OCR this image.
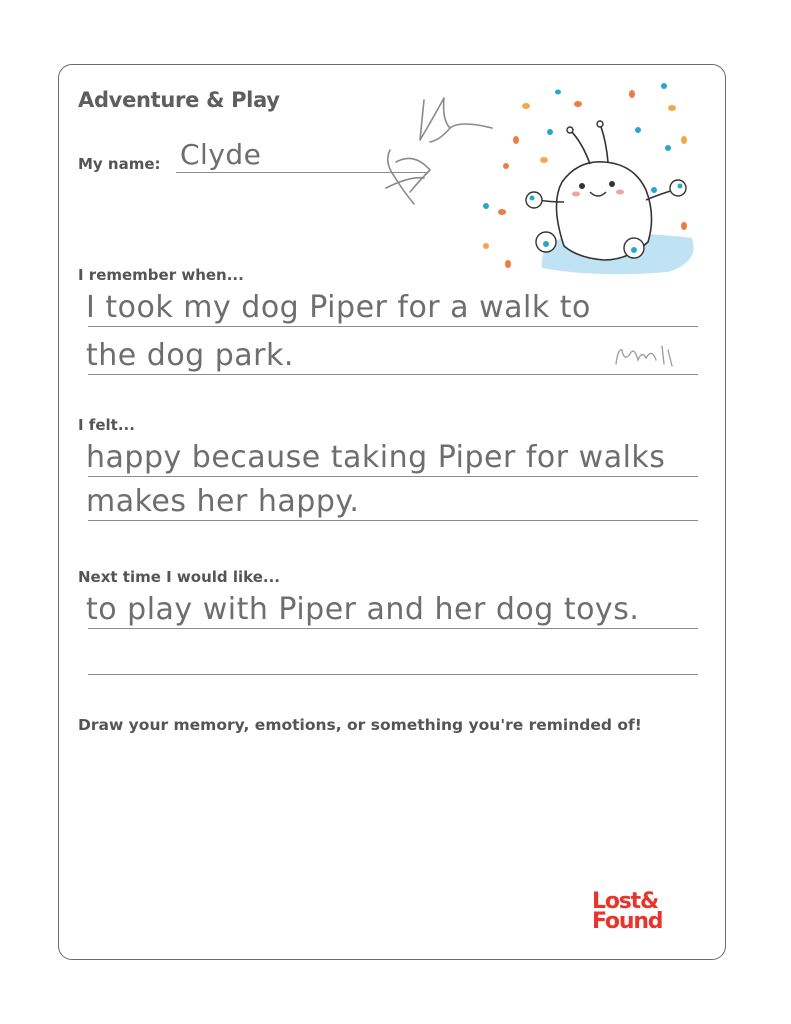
Adventure & Play
My name: Clyde
I remember when...
I took my dog Piper for a walk to
the dog park.
I felt...
happy because taking Piper for walks
makes her happy.
Next time I would like...
to play with Piper and her dog toys.
Draw your memory, emotions, or something you're reminded of!
Lost&
Found
